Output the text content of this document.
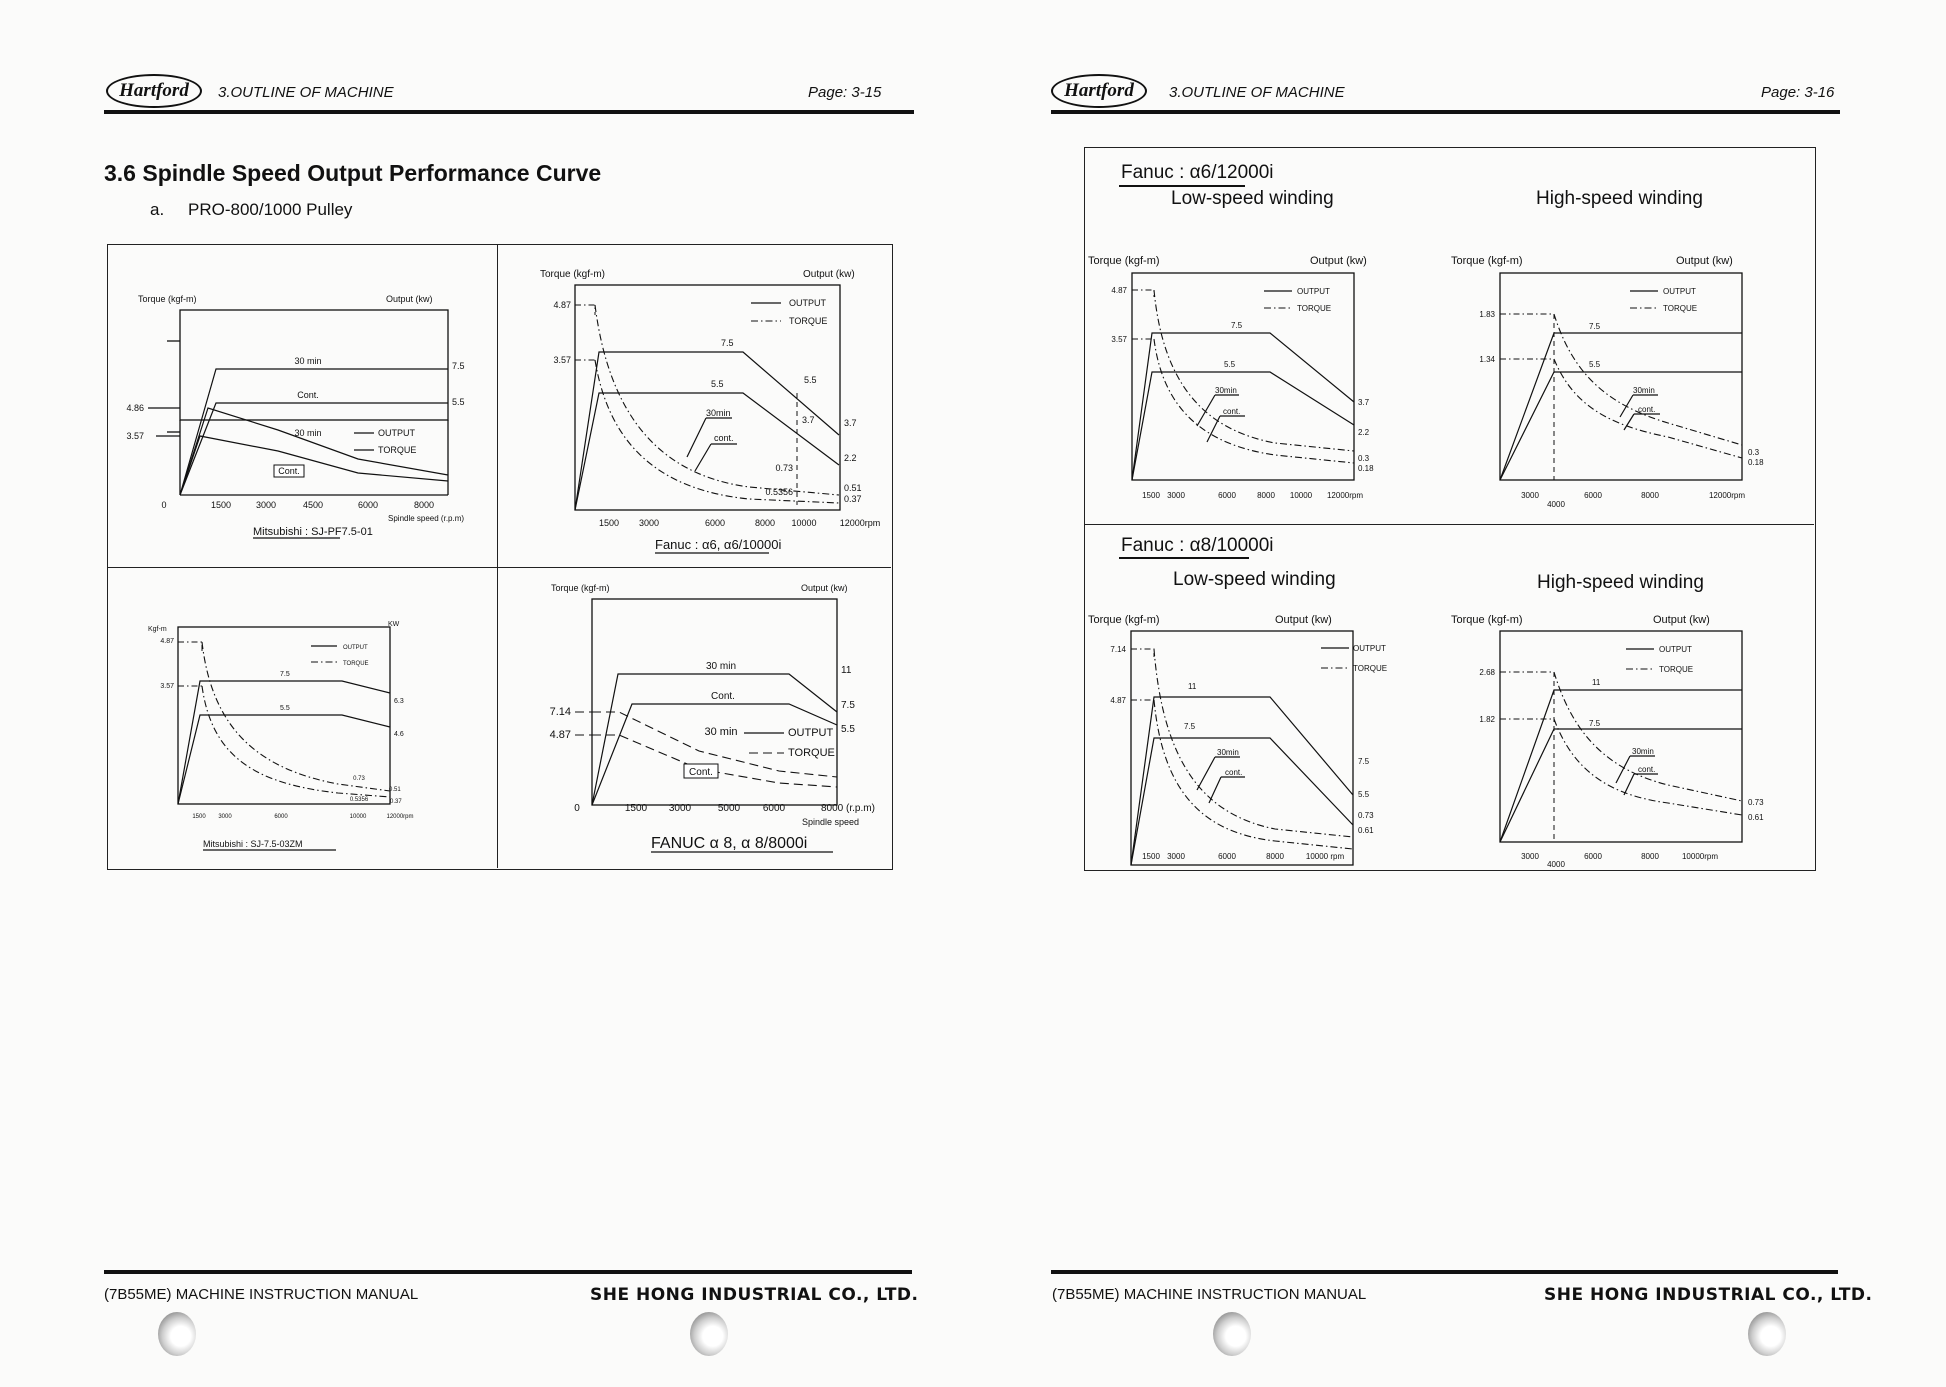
Hartford	3.OUTLINE OF MACHINE	Page: 3-15
3.6 Spindle Speed Output Performance Curve
a. PRO-800/1000 Pulley
Torque (kgf-m)	Output (kw)
4.86
3.57
30 min
Cont.
30 min
Cont.
7.5
5.5
OUTPUT
TORQUE
0	1500	3000	4500	6000	8000
Spindle speed (r.p.m)
Mitsubishi : SJ-PF7.5-01
Torque (kgf-m)	Output (kw)
4.87
3.57
OUTPUT
TORQUE
7.5
5.5	5.5
3.7
30min
cont.
0.73
0.5356
3.7
2.2
0.51
0.37
1500 3000	6000	8000 10000	12000rpm
Fanuc : α6, α6/10000i
Kgf-m
KW
4.87
3.57
OUTPUT
TORQUE
7.5
5.5
6.3
4.6
0.51
0.37
0.73
0.5356
1500 3000	6000	10000	12000rpm
Mitsubishi : SJ-7.5-03ZM
Torque (kgf-m)	Output (kw)
7.14
4.87
30 min
Cont.
30 min
Cont.
OUTPUT
TORQUE
11
7.5
5.5
0	1500 3000	5000 6000	8000 (r.p.m)
Spindle speed
FANUC α 8, α 8/8000i
(7B55ME) MACHINE INSTRUCTION MANUAL	SHE HONG INDUSTRIAL CO., LTD.
Hartford	3.OUTLINE OF MACHINE	Page: 3-16
Fanuc : α6/12000i
Low-speed winding	High-speed winding
Torque (kgf-m)	Output (kw)
4.87
3.57
OUTPUT
TORQUE
7.5
5.5
30min
cont.
3.7
2.2
0.3
0.18
1500 3000	6000	8000 10000 12000rpm
Torque (kgf-m)	Output (kw)
1.83
1.34
OUTPUT
TORQUE
7.5
5.5
30min
cont.
0.3
0.18
3000
4000
6000	8000	12000rpm
Fanuc : α8/10000i
Low-speed winding	High-speed winding
Torque (kgf-m)	Output (kw)
7.14
4.87
OUTPUT
TORQUE
11
7.5
30min
cont.
7.5
5.5
0.73
0.61
1500 3000	6000	8000	10000 rpm
Torque (kgf-m)	Output (kw)
2.68
1.82
OUTPUT
TORQUE
11
7.5
30min
cont.
0.73
0.61
3000
4000
6000	8000	10000rpm
(7B55ME) MACHINE INSTRUCTION MANUAL	SHE HONG INDUSTRIAL CO., LTD.
